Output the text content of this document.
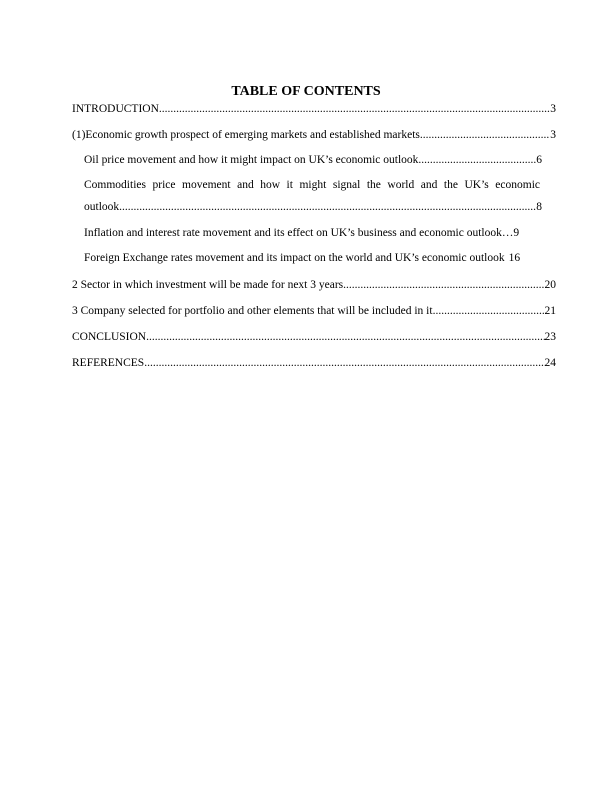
TABLE OF CONTENTS
INTRODUCTION .....	3
(1)Economic growth prospect of emerging markets and established markets .....	3
Oil price movement and how it might impact on UK’s economic outlook .....	6
Commodities price movement and how it might signal the world and the UK’s economic
outlook .....	8
Inflation and interest rate movement and its effect on UK’s business and economic outlook… 9
Foreign Exchange rates movement and its impact on the world and UK’s economic outlook 16
2 Sector in which investment will be made for next 3 years .....	20
3 Company selected for portfolio and other elements that will be included in it .....	21
CONCLUSION .....	23
REFERENCES .....	24
